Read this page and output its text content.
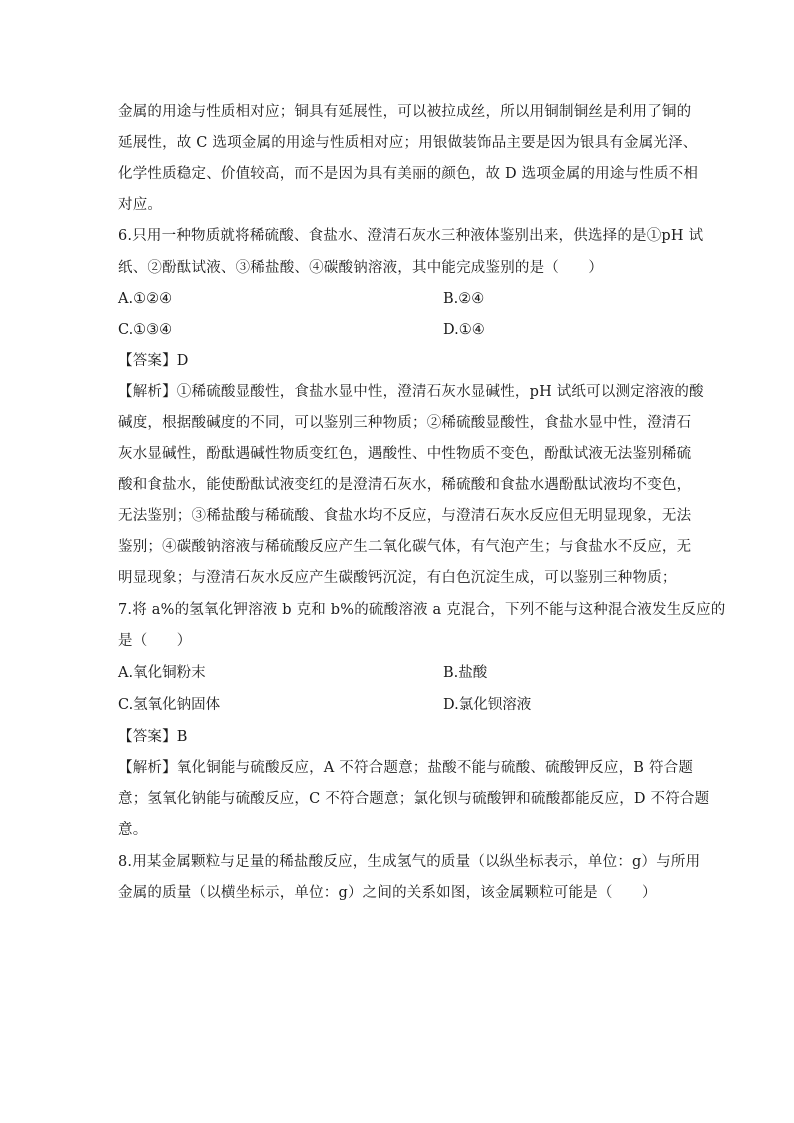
金属的用途与性质相对应；铜具有延展性，可以被拉成丝，所以用铜制铜丝是利用了铜的
延展性，故 C 选项金属的用途与性质相对应；用银做装饰品主要是因为银具有金属光泽、
化学性质稳定、价值较高，而不是因为具有美丽的颜色，故 D 选项金属的用途与性质不相
对应。
6.只用一种物质就将稀硫酸、食盐水、澄清石灰水三种液体鉴别出来，供选择的是①pH 试
纸、②酚酞试液、③稀盐酸、④碳酸钠溶液，其中能完成鉴别的是（　　）
A.①②④	B.②④
C.①③④	D.①④
【答案】D
【解析】①稀硫酸显酸性，食盐水显中性，澄清石灰水显碱性，pH 试纸可以测定溶液的酸
碱度，根据酸碱度的不同，可以鉴别三种物质；②稀硫酸显酸性，食盐水显中性，澄清石
灰水显碱性，酚酞遇碱性物质变红色，遇酸性、中性物质不变色，酚酞试液无法鉴别稀硫
酸和食盐水，能使酚酞试液变红的是澄清石灰水，稀硫酸和食盐水遇酚酞试液均不变色，
无法鉴别；③稀盐酸与稀硫酸、食盐水均不反应，与澄清石灰水反应但无明显现象，无法
鉴别；④碳酸钠溶液与稀硫酸反应产生二氧化碳气体，有气泡产生；与食盐水不反应，无
明显现象；与澄清石灰水反应产生碳酸钙沉淀，有白色沉淀生成，可以鉴别三种物质；
7.将 a%的氢氧化钾溶液 b 克和 b%的硫酸溶液 a 克混合，下列不能与这种混合液发生反应的
是（　　）
A.氧化铜粉末	B.盐酸
C.氢氧化钠固体	D.氯化钡溶液
【答案】B
【解析】氧化铜能与硫酸反应，A 不符合题意；盐酸不能与硫酸、硫酸钾反应，B 符合题
意；氢氧化钠能与硫酸反应，C 不符合题意；氯化钡与硫酸钾和硫酸都能反应，D 不符合题
意。
8.用某金属颗粒与足量的稀盐酸反应，生成氢气的质量（以纵坐标表示，单位：g）与所用
金属的质量（以横坐标示，单位：g）之间的关系如图，该金属颗粒可能是（　　）
